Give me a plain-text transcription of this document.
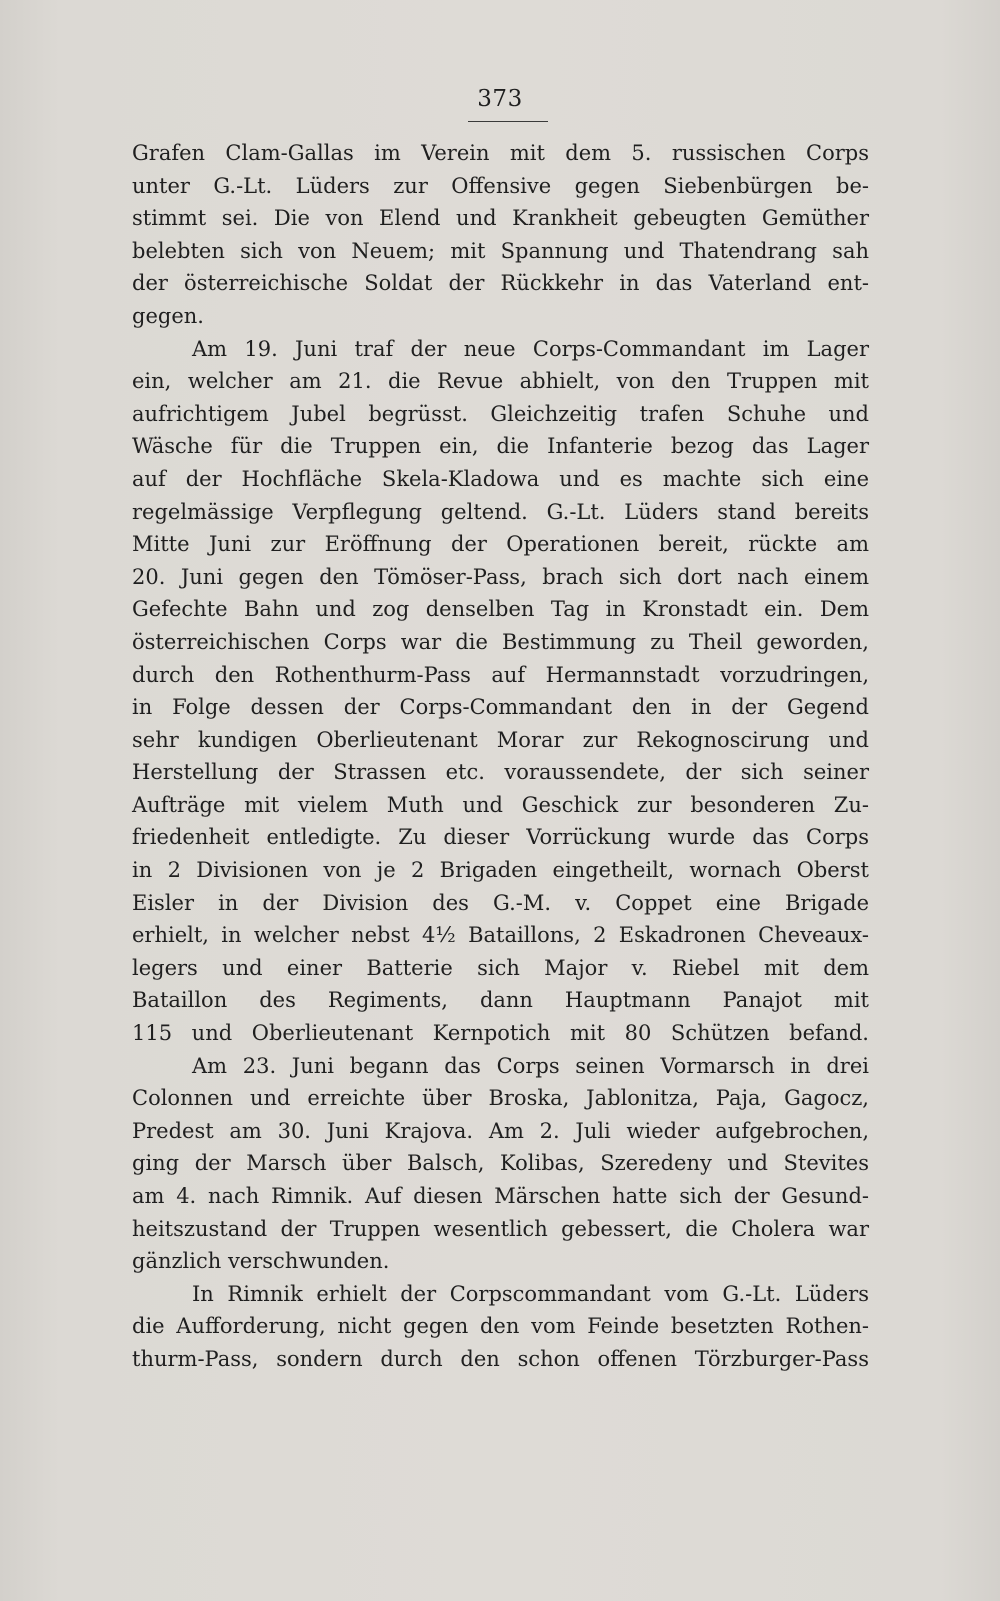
373
Grafen Clam-Gallas im Verein mit dem 5. russischen Corps
unter G.-Lt. Lüders zur Offensive gegen Siebenbürgen be-
stimmt sei. Die von Elend und Krankheit gebeugten Gemüther
belebten sich von Neuem; mit Spannung und Thatendrang sah
der österreichische Soldat der Rückkehr in das Vaterland ent-
gegen.
Am 19. Juni traf der neue Corps-Commandant im Lager
ein, welcher am 21. die Revue abhielt, von den Truppen mit
aufrichtigem Jubel begrüsst. Gleichzeitig trafen Schuhe und
Wäsche für die Truppen ein, die Infanterie bezog das Lager
auf der Hochfläche Skela-Kladowa und es machte sich eine
regelmässige Verpflegung geltend. G.-Lt. Lüders stand bereits
Mitte Juni zur Eröffnung der Operationen bereit, rückte am
20. Juni gegen den Tömöser-Pass, brach sich dort nach einem
Gefechte Bahn und zog denselben Tag in Kronstadt ein. Dem
österreichischen Corps war die Bestimmung zu Theil geworden,
durch den Rothenthurm-Pass auf Hermannstadt vorzudringen,
in Folge dessen der Corps-Commandant den in der Gegend
sehr kundigen Oberlieutenant Morar zur Rekognoscirung und
Herstellung der Strassen etc. voraussendete, der sich seiner
Aufträge mit vielem Muth und Geschick zur besonderen Zu-
friedenheit entledigte. Zu dieser Vorrückung wurde das Corps
in 2 Divisionen von je 2 Brigaden eingetheilt, wornach Oberst
Eisler in der Division des G.-M. v. Coppet eine Brigade
erhielt, in welcher nebst 4½ Bataillons, 2 Eskadronen Cheveaux-
legers und einer Batterie sich Major v. Riebel mit dem
Bataillon des Regiments, dann Hauptmann Panajot mit
115 und Oberlieutenant Kernpotich mit 80 Schützen befand.
Am 23. Juni begann das Corps seinen Vormarsch in drei
Colonnen und erreichte über Broska, Jablonitza, Paja, Gagocz,
Predest am 30. Juni Krajova. Am 2. Juli wieder aufgebrochen,
ging der Marsch über Balsch, Kolibas, Szeredeny und Stevites
am 4. nach Rimnik. Auf diesen Märschen hatte sich der Gesund-
heitszustand der Truppen wesentlich gebessert, die Cholera war
gänzlich verschwunden.
In Rimnik erhielt der Corpscommandant vom G.-Lt. Lüders
die Aufforderung, nicht gegen den vom Feinde besetzten Rothen-
thurm-Pass, sondern durch den schon offenen Törzburger-Pass
